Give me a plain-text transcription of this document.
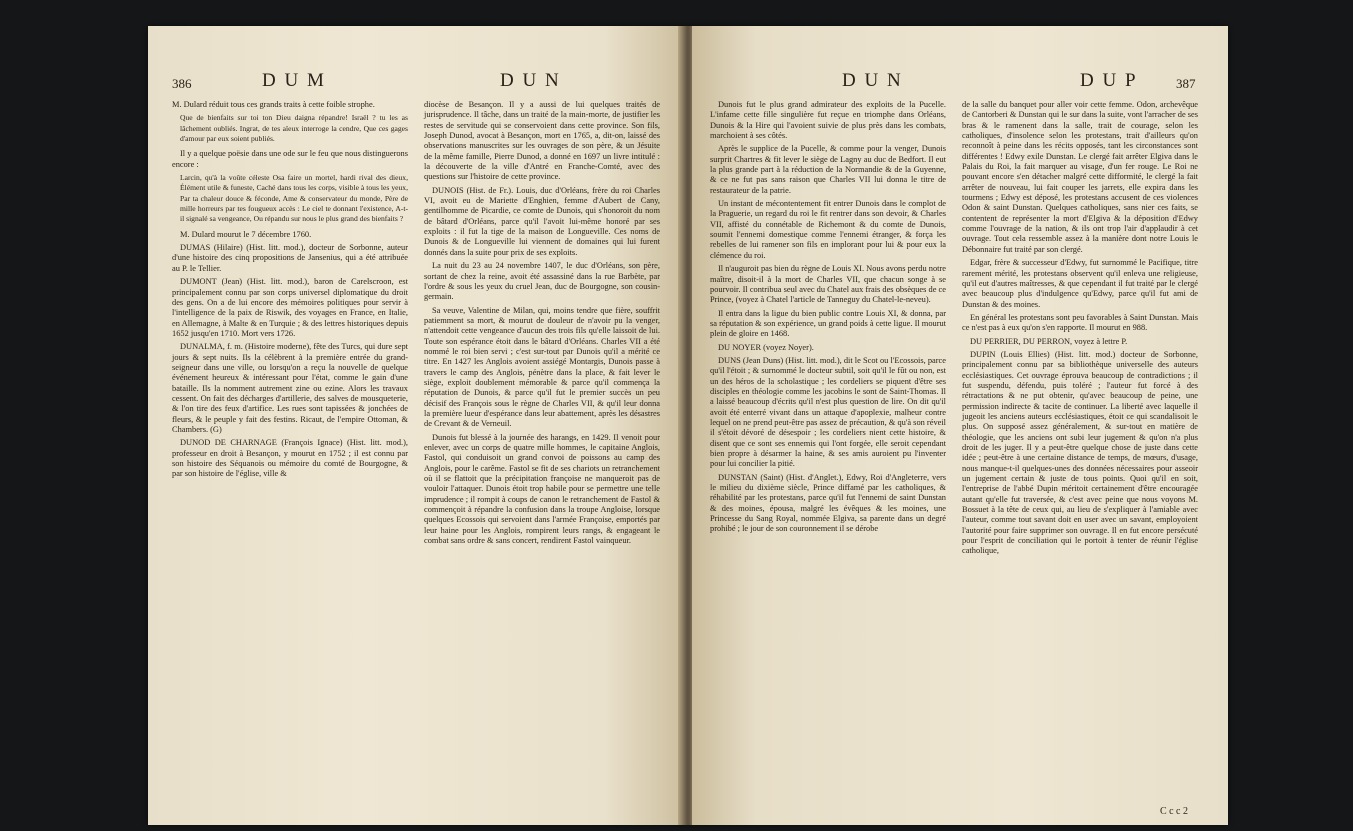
386	D U M	D U N

M. Dulard réduit tous ces grands traits à cette foible strophe.

Que de bienfaits sur toi ton Dieu daigna répandre! Israël ? tu les as lâchement oubliés. Ingrat, de tes aïeux interroge la cendre, Que ces gages d'amour par eux soient publiés.

Il y a quelque poësie dans une ode sur le feu que nous distinguerons encore :

Larcin, qu'à la voûte céleste Osa faire un mortel, hardi rival des dieux, Élément utile & funeste, Caché dans tous les corps, visible à tous les yeux, Par ta chaleur douce & féconde, Ame & conservateur du monde, Père de mille horreurs par tes fougueux accès : Le ciel te donnant l'existence, A-t-il signalé sa vengeance, Ou répandu sur nous le plus grand des bienfaits ?

M. Dulard mourut le 7 décembre 1760.

DUMAS (Hilaire) (Hist. litt. mod.), docteur de Sorbonne, auteur d'une histoire des cinq propositions de Jansenius, qui a été attribuée au P. le Tellier.

DUMONT (Jean) (Hist. litt. mod.), baron de Carelscroon, est principalement connu par son corps universel diplomatique du droit des gens. On a de lui encore des mémoires politiques pour servir à l'intelligence de la paix de Riswik, des voyages en France, en Italie, en Allemagne, à Malte & en Turquie ; & des lettres historiques depuis 1652 jusqu'en 1710. Mort vers 1726.

DUNALMA, f. m. (Histoire moderne), fête des Turcs, qui dure sept jours & sept nuits. Ils la célèbrent à la première entrée du grand-seigneur dans une ville, ou lorsqu'on a reçu la nouvelle de quelque événement heureux & intéressant pour l'état, comme le gain d'une bataille. Ils la nomment autrement zine ou ezine. Alors les travaux cessent. On fait des décharges d'artillerie, des salves de mousqueterie, & l'on tire des feux d'artifice. Les rues sont tapissées & jonchées de fleurs, & le peuple y fait des festins. Ricaut, de l'empire Ottoman, & Chambers. (G)

DUNOD DE CHARNAGE (François Ignace) (Hist. litt. mod.), professeur en droit à Besançon, y mourut en 1752 ; il est connu par son histoire des Séquanois ou mémoire du comté de Bourgogne, & par son histoire de l'église, ville &

diocèse de Besançon. Il y a aussi de lui quelques traités de jurisprudence. Il tâche, dans un traité de la main-morte, de justifier les restes de servitude qui se conservoient dans cette province. Son fils, Joseph Dunod, avocat à Besançon, mort en 1765, a, dit-on, laissé des observations manuscrites sur les ouvrages de son père, & un Jésuite de la même famille, Pierre Dunod, a donné en 1697 un livre intitulé : la découverte de la ville d'Antré en Franche-Comté, avec des questions sur l'histoire de cette province.

DUNOIS (Hist. de Fr.). Louis, duc d'Orléans, frère du roi Charles VI, avoit eu de Mariette d'Enghien, femme d'Aubert de Cany, gentilhomme de Picardie, ce comte de Dunois, qui s'honoroit du nom de bâtard d'Orléans, parce qu'il l'avoit lui-même honoré par ses exploits : il fut la tige de la maison de Longueville. Ces noms de Dunois & de Longueville lui viennent de domaines qui lui furent donnés dans la suite pour prix de ses exploits.

La nuit du 23 au 24 novembre 1407, le duc d'Orléans, son père, sortant de chez la reine, avoit été assassiné dans la rue Barbète, par l'ordre & sous les yeux du cruel Jean, duc de Bourgogne, son cousin-germain.

Sa veuve, Valentine de Milan, qui, moins tendre que fière, souffrit patiemment sa mort, & mourut de douleur de n'avoir pu la venger, n'attendoit cette vengeance d'aucun des trois fils qu'elle laissoit de lui. Toute son espérance étoit dans le bâtard d'Orléans. Charles VII a été nommé le roi bien servi ; c'est sur-tout par Dunois qu'il a mérité ce titre. En 1427 les Anglois avoient assiégé Montargis, Dunois passe à travers le camp des Anglois, pénètre dans la place, & fait lever le siège, exploit doublement mémorable & parce qu'il commença la réputation de Dunois, & parce qu'il fut le premier succès un peu décisif des François sous le règne de Charles VII, & qu'il leur donna la première lueur d'espérance dans leur abattement, après les désastres de Crevant & de Verneuil.

Dunois fut blessé à la journée des harangs, en 1429. Il venoit pour enlever, avec un corps de quatre mille hommes, le capitaine Anglois, Fastol, qui conduisoit un grand convoi de poissons au camp des Anglois, pour le carême. Fastol se fit de ses chariots un retranchement où il se flattoit que la précipitation françoise ne manqueroit pas de vouloir l'attaquer. Dunois étoit trop habile pour se permettre une telle imprudence ; il rompit à coups de canon le retranchement de Fastol & commençoit à répandre la confusion dans la troupe Angloise, lorsque quelques Ecossois qui servoient dans l'armée Françoise, emportés par leur haine pour les Anglois, rompirent leurs rangs, & engageant le combat sans ordre & sans concert, rendirent Fastol vainqueur.

D U N	D U P	387

Dunois fut le plus grand admirateur des exploits de la Pucelle. L'infame cette fille singulière fut reçue en triomphe dans Orléans, Dunois & la Hire qui l'avoient suivie de plus près dans les combats, marchoient à ses côtés.

Après le supplice de la Pucelle, & comme pour la venger, Dunois surprit Chartres & fit lever le siège de Lagny au duc de Bedfort. Il eut la plus grande part à la réduction de la Normandie & de la Guyenne, & ce ne fut pas sans raison que Charles VII lui donna le titre de restaurateur de la patrie.

Un instant de mécontentement fit entrer Dunois dans le complot de la Praguerie, un regard du roi le fit rentrer dans son devoir, & Charles VII, affisté du connétable de Richemont & du comte de Dunois, soumit l'ennemi domestique comme l'ennemi étranger, & força les rebelles de lui ramener son fils en implorant pour lui & pour eux la clémence du roi.

Il n'auguroit pas bien du règne de Louis XI. Nous avons perdu notre maître, disoit-il à la mort de Charles VII, que chacun songe à se pourvoir. Il contribua seul avec du Chatel aux frais des obsèques de ce Prince, (voyez à Chatel l'article de Tanneguy du Chatel-le-neveu).

Il entra dans la ligue du bien public contre Louis XI, & donna, par sa réputation & son expérience, un grand poids à cette ligue. Il mourut plein de gloire en 1468.

DU NOYER (voyez Noyer).

DUNS (Jean Duns) (Hist. litt. mod.), dit le Scot ou l'Ecossois, parce qu'il l'étoit ; & surnommé le docteur subtil, soit qu'il le fût ou non, est un des héros de la scholastique ; les cordeliers se piquent d'être ses disciples en théologie comme les jacobins le sont de Saint-Thomas. Il a laissé beaucoup d'écrits qu'il n'est plus question de lire. On dit qu'il avoit été enterré vivant dans un attaque d'apoplexie, malheur contre lequel on ne prend peut-être pas assez de précaution, & qu'à son réveil il s'étoit dévoré de désespoir ; les cordeliers nient cette histoire, & disent que ce sont ses ennemis qui l'ont forgée, elle seroit cependant bien propre à désarmer la haine, & ses amis auroient pu l'inventer pour lui concilier la pitié.

DUNSTAN (Saint) (Hist. d'Anglet.), Edwy, Roi d'Angleterre, vers le milieu du dixième siècle, Prince diffamé par les catholiques, & réhabilité par les protestans, parce qu'il fut l'ennemi de saint Dunstan & des moines, épousa, malgré les évêques & les moines, une Princesse du Sang Royal, nommée Elgiva, sa parente dans un degré prohibé ; le jour de son couronnement il se dérobe

de la salle du banquet pour aller voir cette femme. Odon, archevêque de Cantorberi & Dunstan qui le sur dans la suite, vont l'arracher de ses bras & le ramenent dans la salle, trait de courage, selon les catholiques, d'insolence selon les protestans, trait d'ailleurs qu'on reconnoît à peine dans les récits opposés, tant les circonstances sont différentes ! Edwy exile Dunstan. Le clergé fait arrêter Elgiva dans le Palais du Roi, la fait marquer au visage, d'un fer rouge. Le Roi ne pouvant encore s'en détacher malgré cette difformité, le clergé la fait arrêter de nouveau, lui fait couper les jarrets, elle expira dans les tourmens ; Edwy est déposé, les protestans accusent de ces violences Odon & saint Dunstan. Quelques catholiques, sans nier ces faits, se contentent de représenter la mort d'Elgiva & la déposition d'Edwy comme l'ouvrage de la nation, & ils ont trop l'air d'applaudir à cet ouvrage. Tout cela ressemble assez à la manière dont notre Louis le Débonnaire fut traité par son clergé.

Edgar, frère & successeur d'Edwy, fut surnommé le Pacifique, titre rarement mérité, les protestans observent qu'il enleva une religieuse, qu'il eut d'autres maîtresses, & que cependant il fut traité par le clergé avec beaucoup plus d'indulgence qu'Edwy, parce qu'il fut ami de Dunstan & des moines.

En général les protestans sont peu favorables à Saint Dunstan. Mais ce n'est pas à eux qu'on s'en rapporte. Il mourut en 988.

DU PERRIER, DU PERRON, voyez à lettre P.

DUPIN (Louis Ellies) (Hist. litt. mod.) docteur de Sorbonne, principalement connu par sa bibliothèque universelle des auteurs ecclésiastiques. Cet ouvrage éprouva beaucoup de contradictions ; il fut suspendu, défendu, puis toléré ; l'auteur fut forcé à des rétractations & ne put obtenir, qu'avec beaucoup de peine, une permission indirecte & tacite de continuer. La liberté avec laquelle il jugeoit les anciens auteurs ecclésiastiques, étoit ce qui scandalisoit le plus. On supposé assez généralement, & sur-tout en matière de théologie, que les anciens ont subi leur jugement & qu'on n'a plus droit de les juger. Il y a peut-être quelque chose de juste dans cette idée ; peut-être à une certaine distance de temps, de mœurs, d'usage, nous manque-t-il quelques-unes des données nécessaires pour asseoir un jugement certain & juste de tous points. Quoi qu'il en soit, l'entreprise de l'abbé Dupin méritoit certainement d'être encouragée autant qu'elle fut traversée, & c'est avec peine que nous voyons M. Bossuet à la tête de ceux qui, au lieu de s'expliquer à l'amiable avec l'auteur, comme tout savant doit en user avec un savant, employoient l'autorité pour faire supprimer son ouvrage. Il en fut encore persécuté pour l'esprit de conciliation qui le portoit à tenter de réunir l'église catholique,

C c c 2
